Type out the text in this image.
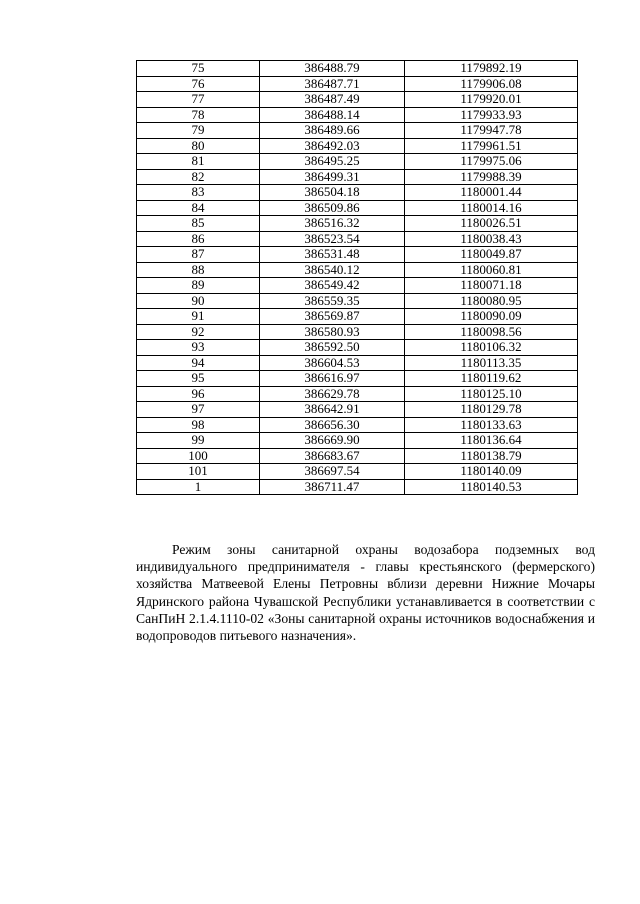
75	386488.79	1179892.19
76	386487.71	1179906.08
77	386487.49	1179920.01
78	386488.14	1179933.93
79	386489.66	1179947.78
80	386492.03	1179961.51
81	386495.25	1179975.06
82	386499.31	1179988.39
83	386504.18	1180001.44
84	386509.86	1180014.16
85	386516.32	1180026.51
86	386523.54	1180038.43
87	386531.48	1180049.87
88	386540.12	1180060.81
89	386549.42	1180071.18
90	386559.35	1180080.95
91	386569.87	1180090.09
92	386580.93	1180098.56
93	386592.50	1180106.32
94	386604.53	1180113.35
95	386616.97	1180119.62
96	386629.78	1180125.10
97	386642.91	1180129.78
98	386656.30	1180133.63
99	386669.90	1180136.64
100	386683.67	1180138.79
101	386697.54	1180140.09
1	386711.47	1180140.53

Режим зоны санитарной охраны водозабора подземных вод индивидуального предпринимателя - главы крестьянского (фермерского) хозяйства Матвеевой Елены Петровны вблизи деревни Нижние Мочары Ядринского района Чувашской Республики устанавливается в соответствии с СанПиН 2.1.4.1110-02 «Зоны санитарной охраны источников водоснабжения и водопроводов питьевого назначения».
